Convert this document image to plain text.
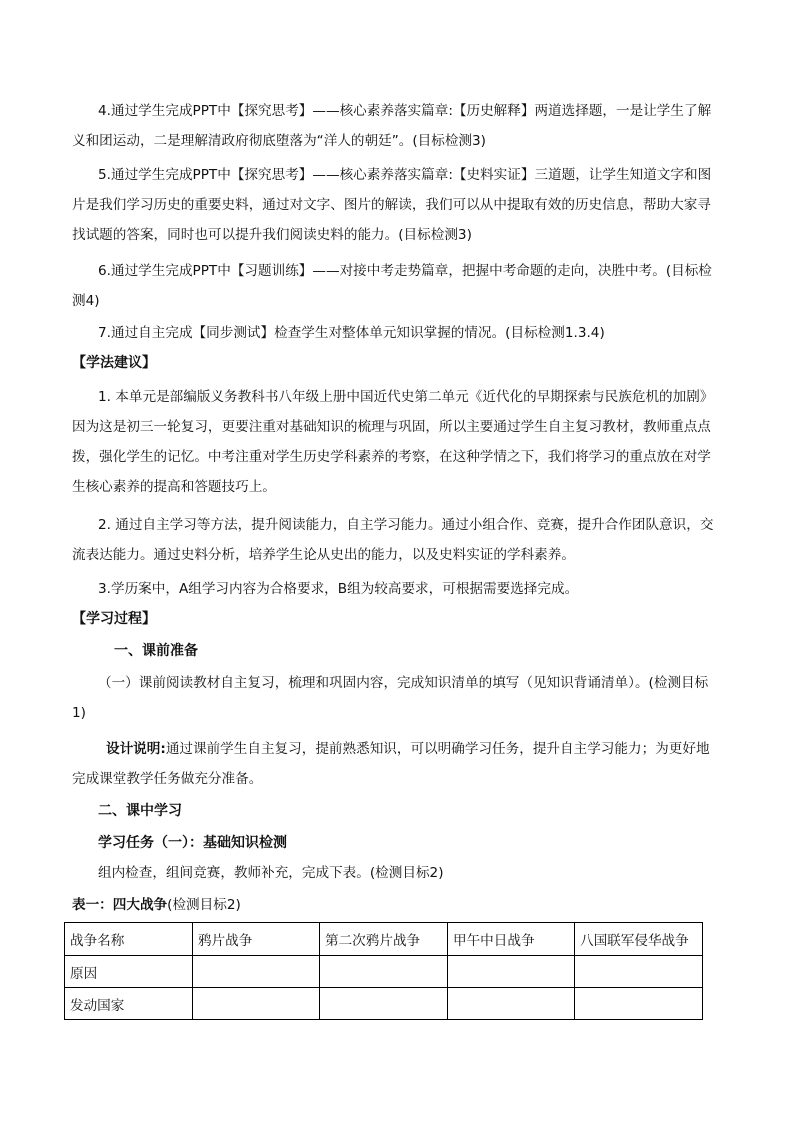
4.通过学生完成PPT中【探究思考】——核心素养落实篇章:【历史解释】两道选择题，一是让学生了解义和团运动，二是理解清政府彻底堕落为“洋人的朝廷”。(目标检测3)

5.通过学生完成PPT中【探究思考】——核心素养落实篇章:【史料实证】三道题，让学生知道文字和图片是我们学习历史的重要史料，通过对文字、图片的解读，我们可以从中提取有效的历史信息，帮助大家寻找试题的答案，同时也可以提升我们阅读史料的能力。(目标检测3)

6.通过学生完成PPT中【习题训练】——对接中考走势篇章，把握中考命题的走向，决胜中考。(目标检测4)

7.通过自主完成【同步测试】检查学生对整体单元知识掌握的情况。(目标检测1.3.4)

【学法建议】

1. 本单元是部编版义务教科书八年级上册中国近代史第二单元《近代化的早期探索与民族危机的加剧》因为这是初三一轮复习，更要注重对基础知识的梳理与巩固，所以主要通过学生自主复习教材，教师重点点拨，强化学生的记忆。中考注重对学生历史学科素养的考察，在这种学情之下，我们将学习的重点放在对学生核心素养的提高和答题技巧上。

2. 通过自主学习等方法，提升阅读能力，自主学习能力。通过小组合作、竞赛，提升合作团队意识，交流表达能力。通过史料分析，培养学生论从史出的能力，以及史料实证的学科素养。

3.学历案中，A组学习内容为合格要求，B组为较高要求，可根据需要选择完成。

【学习过程】

一、课前准备

（一）课前阅读教材自主复习，梳理和巩固内容，完成知识清单的填写（见知识背诵清单）。(检测目标1)

设计说明:通过课前学生自主复习，提前熟悉知识，可以明确学习任务，提升自主学习能力；为更好地完成课堂教学任务做充分准备。

二、课中学习

学习任务（一）：基础知识检测

组内检查，组间竞赛，教师补充，完成下表。(检测目标2)

表一：四大战争(检测目标2)

战争名称	鸦片战争	第二次鸦片战争	甲午中日战争	八国联军侵华战争
原因				
发动国家				
